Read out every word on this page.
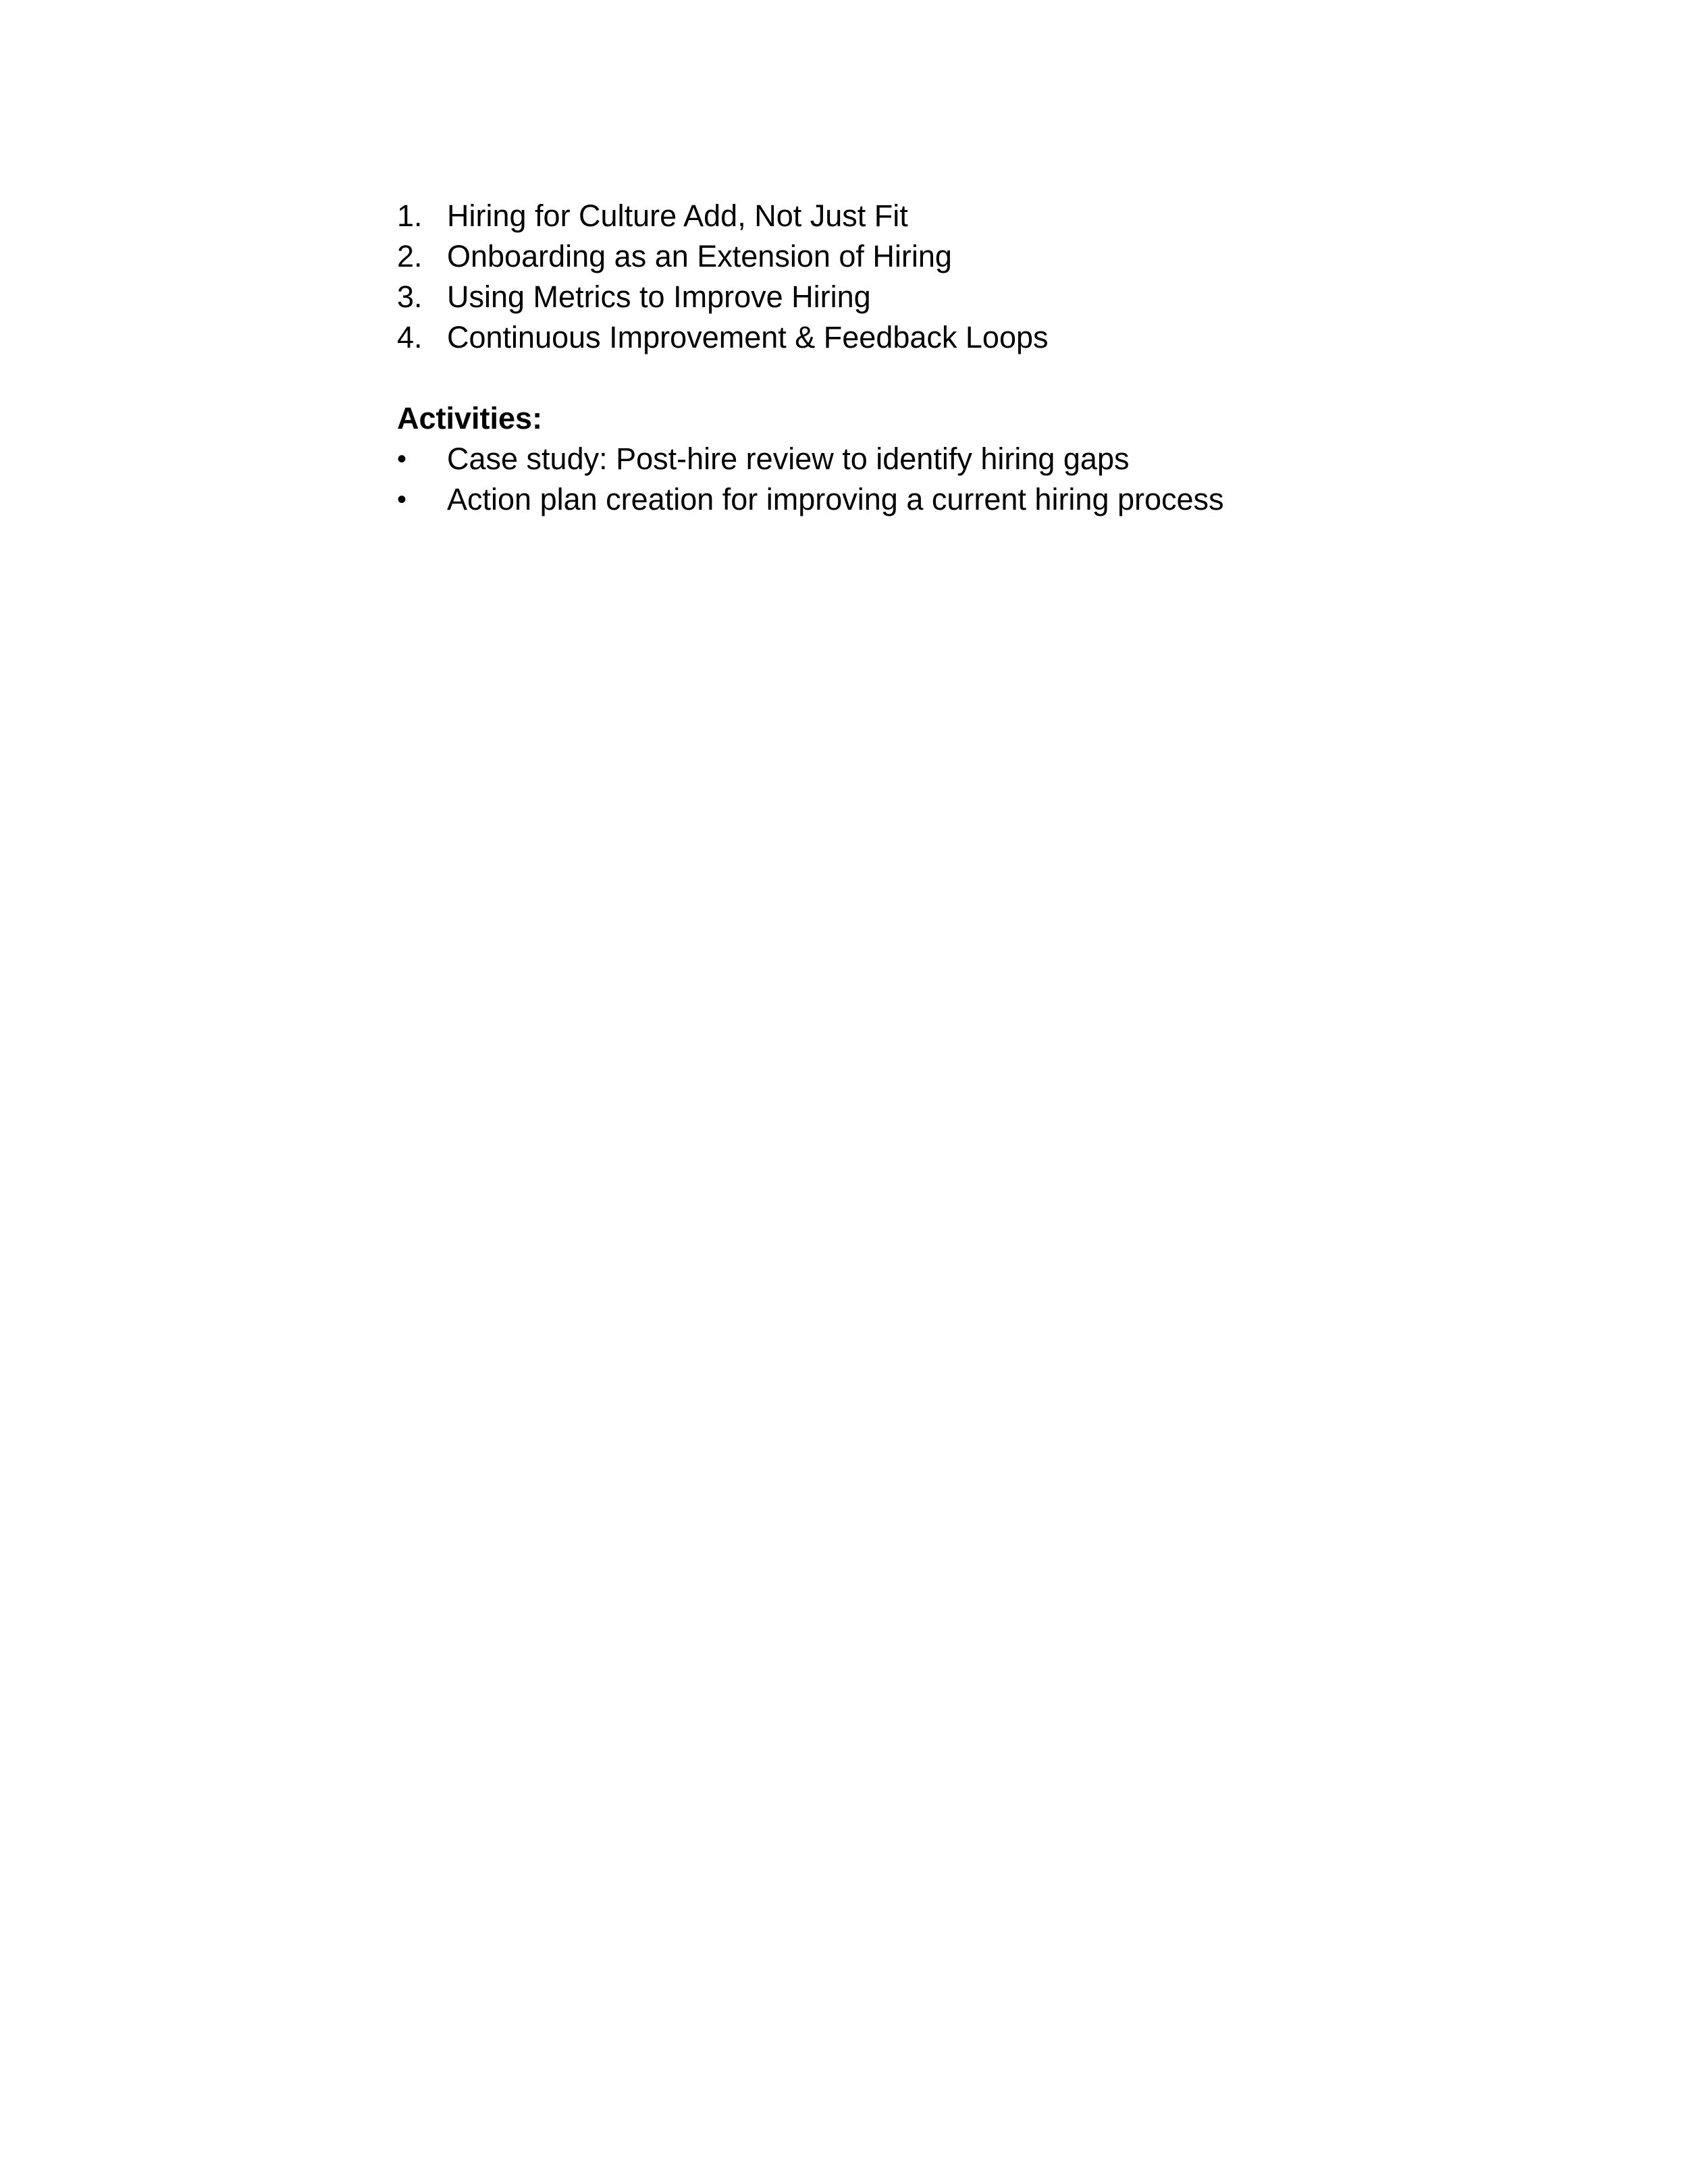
1. Hiring for Culture Add, Not Just Fit
2. Onboarding as an Extension of Hiring
3. Using Metrics to Improve Hiring
4. Continuous Improvement & Feedback Loops
Activities:
• Case study: Post-hire review to identify hiring gaps
• Action plan creation for improving a current hiring process
